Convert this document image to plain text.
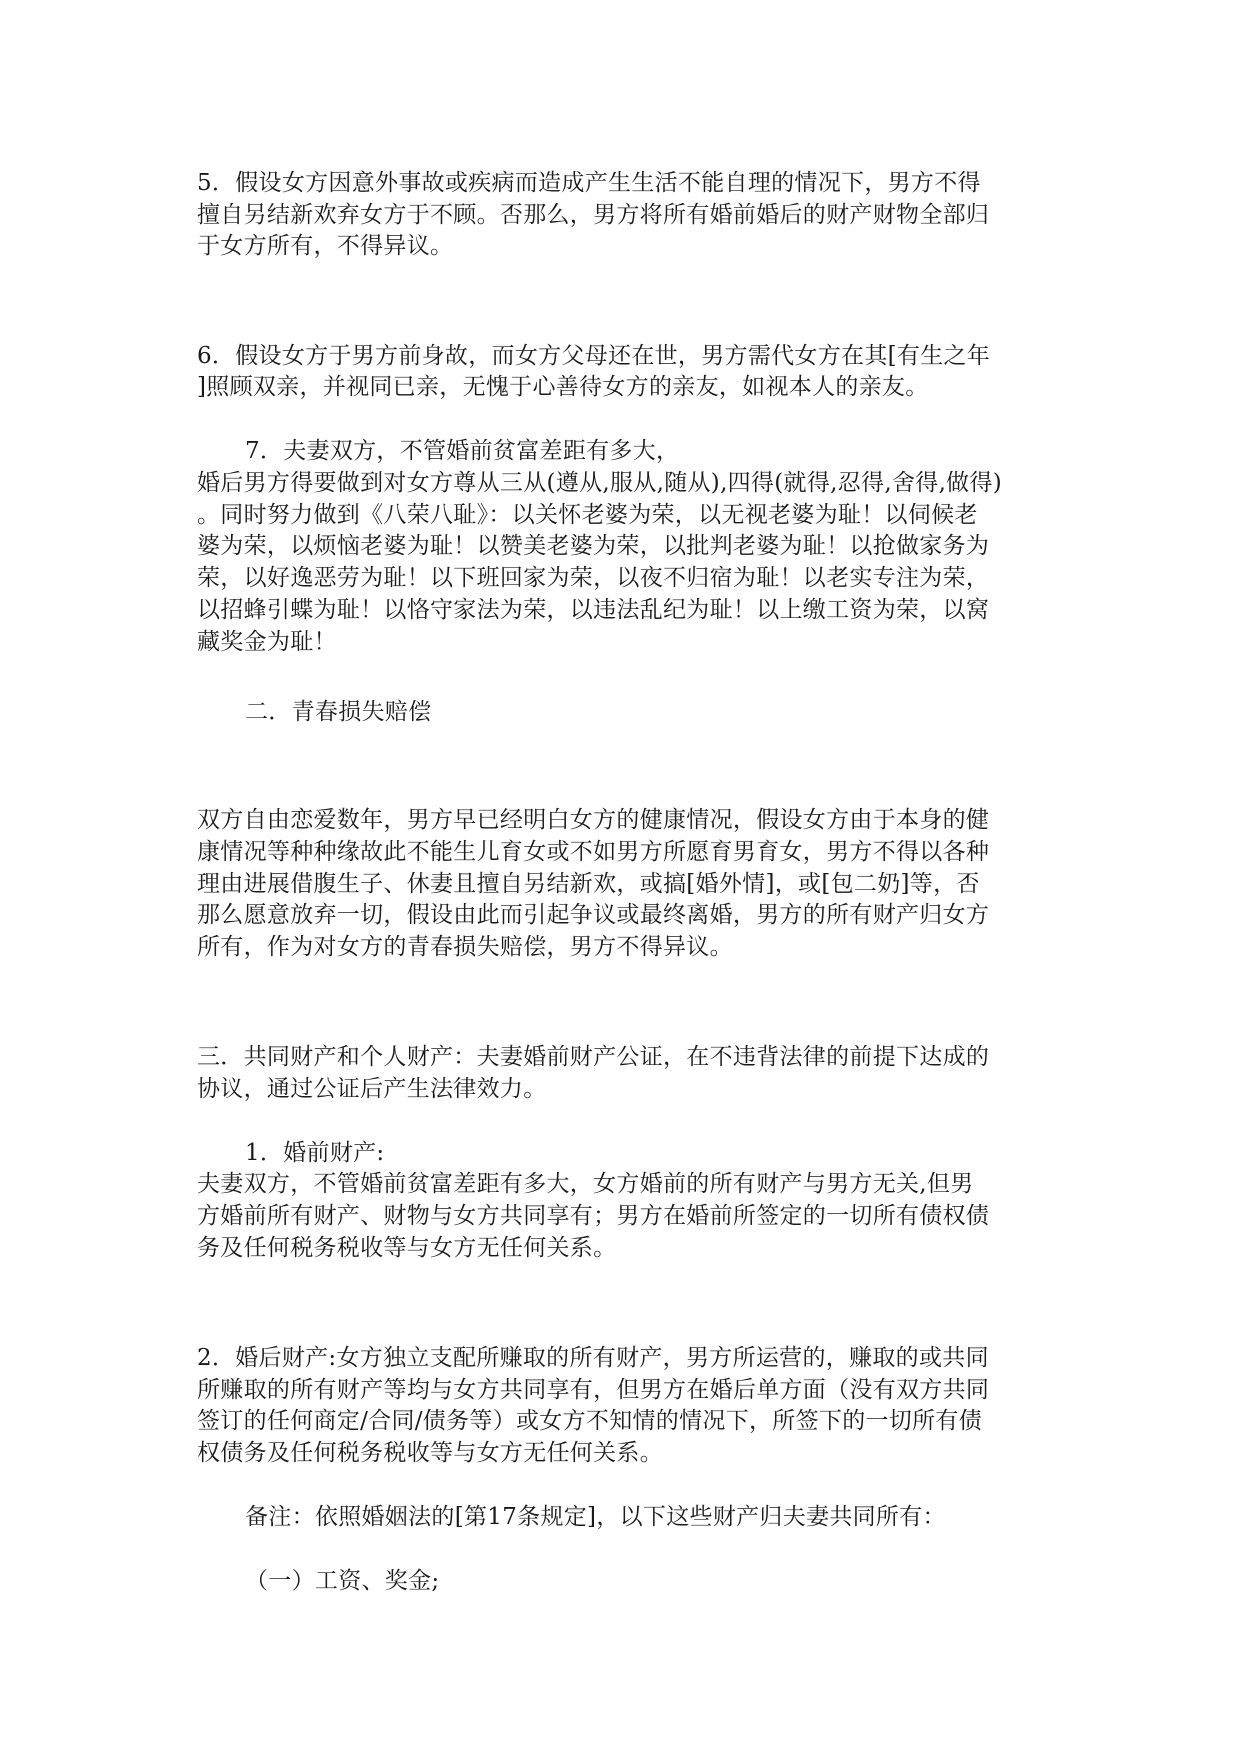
5．假设女方因意外事故或疾病而造成产生生活不能自理的情况下，男方不得
擅自另结新欢弃女方于不顾。否那么，男方将所有婚前婚后的财产财物全部归
于女方所有，不得异议。
6．假设女方于男方前身故，而女方父母还在世，男方需代女方在其[有生之年
]照顾双亲，并视同已亲，无愧于心善待女方的亲友，如视本人的亲友。
7．夫妻双方，不管婚前贫富差距有多大，
婚后男方得要做到对女方尊从三从(遵从,服从,随从),四得(就得,忍得,舍得,做得)
。同时努力做到《八荣八耻》：以关怀老婆为荣，以无视老婆为耻！以伺候老
婆为荣，以烦恼老婆为耻！以赞美老婆为荣，以批判老婆为耻！以抢做家务为
荣，以好逸恶劳为耻！以下班回家为荣，以夜不归宿为耻！以老实专注为荣，
以招蜂引蝶为耻！以恪守家法为荣，以违法乱纪为耻！以上缴工资为荣，以窝
藏奖金为耻！
二．青春损失赔偿
双方自由恋爱数年，男方早已经明白女方的健康情况，假设女方由于本身的健
康情况等种种缘故此不能生儿育女或不如男方所愿育男育女，男方不得以各种
理由进展借腹生子、休妻且擅自另结新欢，或搞[婚外情]，或[包二奶]等，否
那么愿意放弃一切，假设由此而引起争议或最终离婚，男方的所有财产归女方
所有，作为对女方的青春损失赔偿，男方不得异议。
三．共同财产和个人财产：夫妻婚前财产公证，在不违背法律的前提下达成的
协议，通过公证后产生法律效力。
1．婚前财产:
夫妻双方，不管婚前贫富差距有多大，女方婚前的所有财产与男方无关,但男
方婚前所有财产、财物与女方共同享有；男方在婚前所签定的一切所有债权债
务及任何税务税收等与女方无任何关系。
2．婚后财产:女方独立支配所赚取的所有财产，男方所运营的，赚取的或共同
所赚取的所有财产等均与女方共同享有，但男方在婚后单方面（没有双方共同
签订的任何商定/合同/债务等）或女方不知情的情况下，所签下的一切所有债
权债务及任何税务税收等与女方无任何关系。
备注：依照婚姻法的[第17条规定]，以下这些财产归夫妻共同所有：
（一）工资、奖金;
